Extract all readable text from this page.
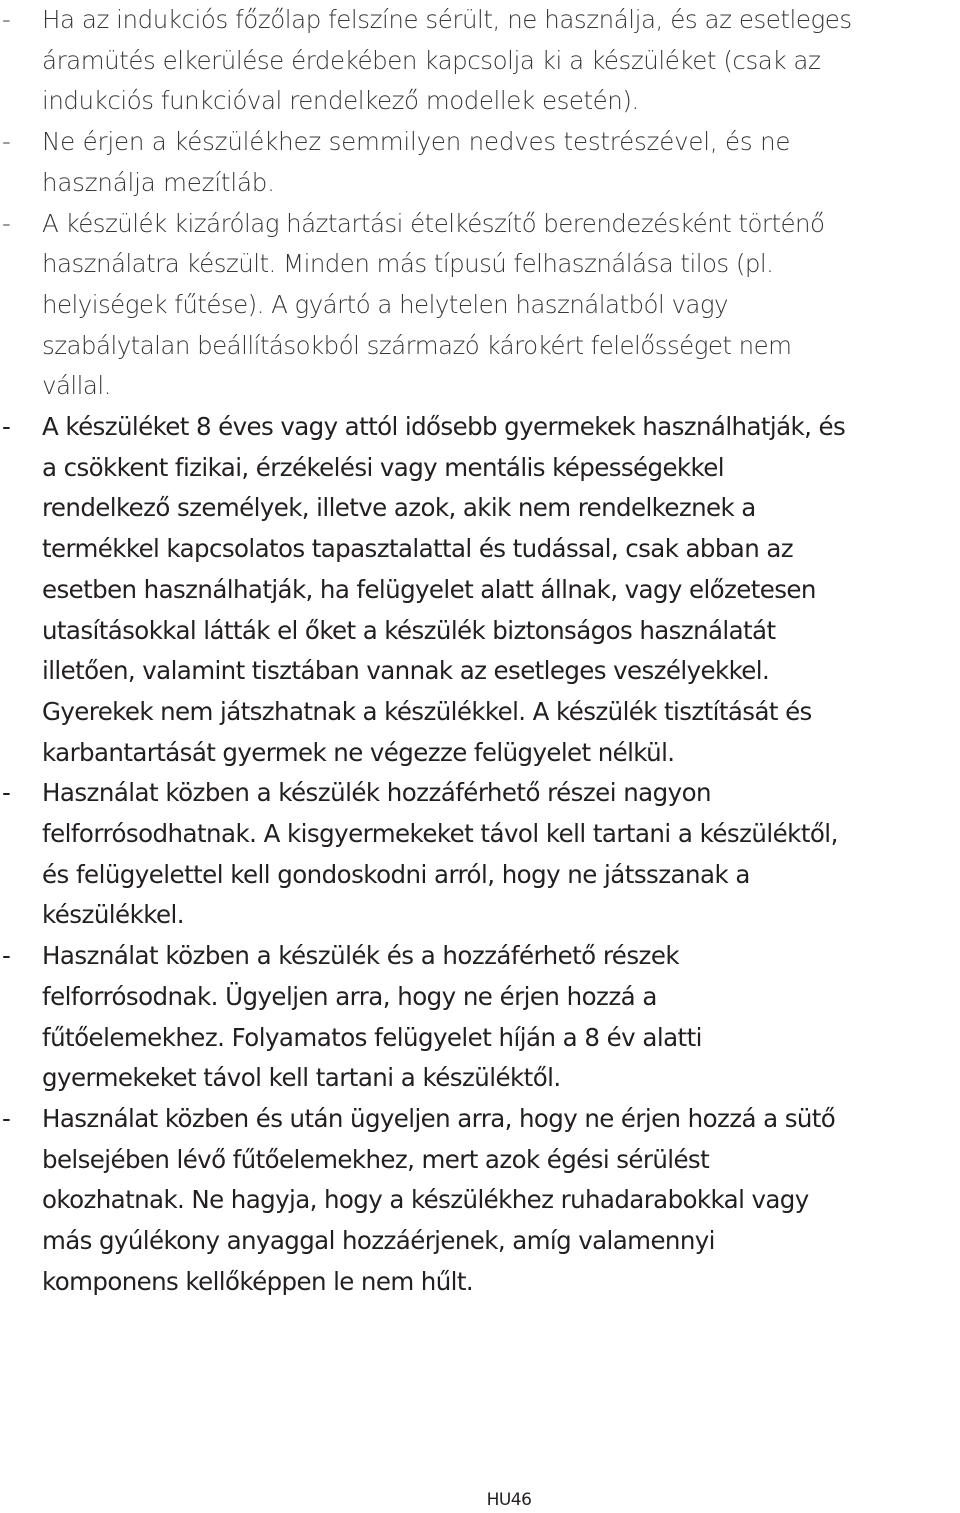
- Ha az indukciós főzőlap felszíne sérült, ne használja, és az esetleges
áramütés elkerülése érdekében kapcsolja ki a készüléket (csak az
indukciós funkcióval rendelkező modellek esetén).
- Ne érjen a készülékhez semmilyen nedves testrészével, és ne
használja mezítláb.
- A készülék kizárólag háztartási ételkészítő berendezésként történő
használatra készült. Minden más típusú felhasználása tilos (pl.
helyiségek fűtése). A gyártó a helytelen használatból vagy
szabálytalan beállításokból származó károkért felelősséget nem
vállal.
- A készüléket 8 éves vagy attól idősebb gyermekek használhatják, és
a csökkent fizikai, érzékelési vagy mentális képességekkel
rendelkező személyek, illetve azok, akik nem rendelkeznek a
termékkel kapcsolatos tapasztalattal és tudással, csak abban az
esetben használhatják, ha felügyelet alatt állnak, vagy előzetesen
utasításokkal látták el őket a készülék biztonságos használatát
illetően, valamint tisztában vannak az esetleges veszélyekkel.
Gyerekek nem játszhatnak a készülékkel. A készülék tisztítását és
karbantartását gyermek ne végezze felügyelet nélkül.
- Használat közben a készülék hozzáférhető részei nagyon
felforrósodhatnak. A kisgyermekeket távol kell tartani a készüléktől,
és felügyelettel kell gondoskodni arról, hogy ne játsszanak a
készülékkel.
- Használat közben a készülék és a hozzáférhető részek
felforrósodnak. Ügyeljen arra, hogy ne érjen hozzá a
fűtőelemekhez. Folyamatos felügyelet híján a 8 év alatti
gyermekeket távol kell tartani a készüléktől.
- Használat közben és után ügyeljen arra, hogy ne érjen hozzá a sütő
belsejében lévő fűtőelemekhez, mert azok égési sérülést
okozhatnak. Ne hagyja, hogy a készülékhez ruhadarabokkal vagy
más gyúlékony anyaggal hozzáérjenek, amíg valamennyi
komponens kellőképpen le nem hűlt.
HU46
